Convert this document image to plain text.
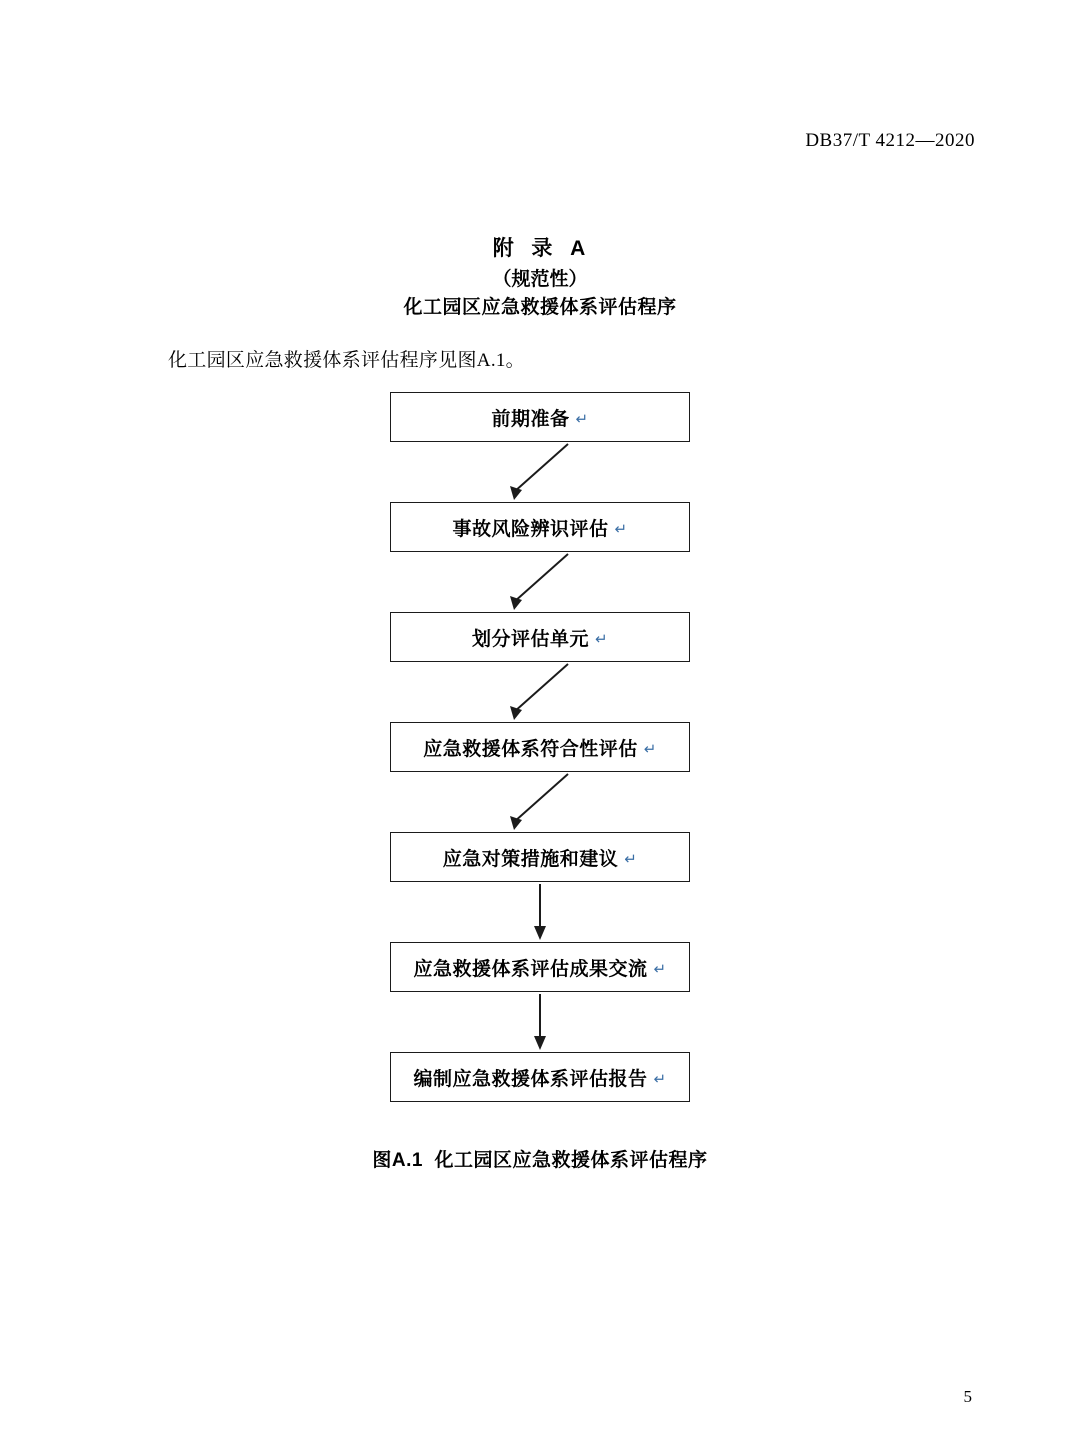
DB37/T 4212—2020
附  录  A
（规范性）
化工园区应急救援体系评估程序
化工园区应急救援体系评估程序见图A.1。
前期准备 ↵
事故风险辨识评估 ↵
划分评估单元 ↵
应急救援体系符合性评估 ↵
应急对策措施和建议 ↵
应急救援体系评估成果交流 ↵
编制应急救援体系评估报告 ↵
图A.1  化工园区应急救援体系评估程序
5
